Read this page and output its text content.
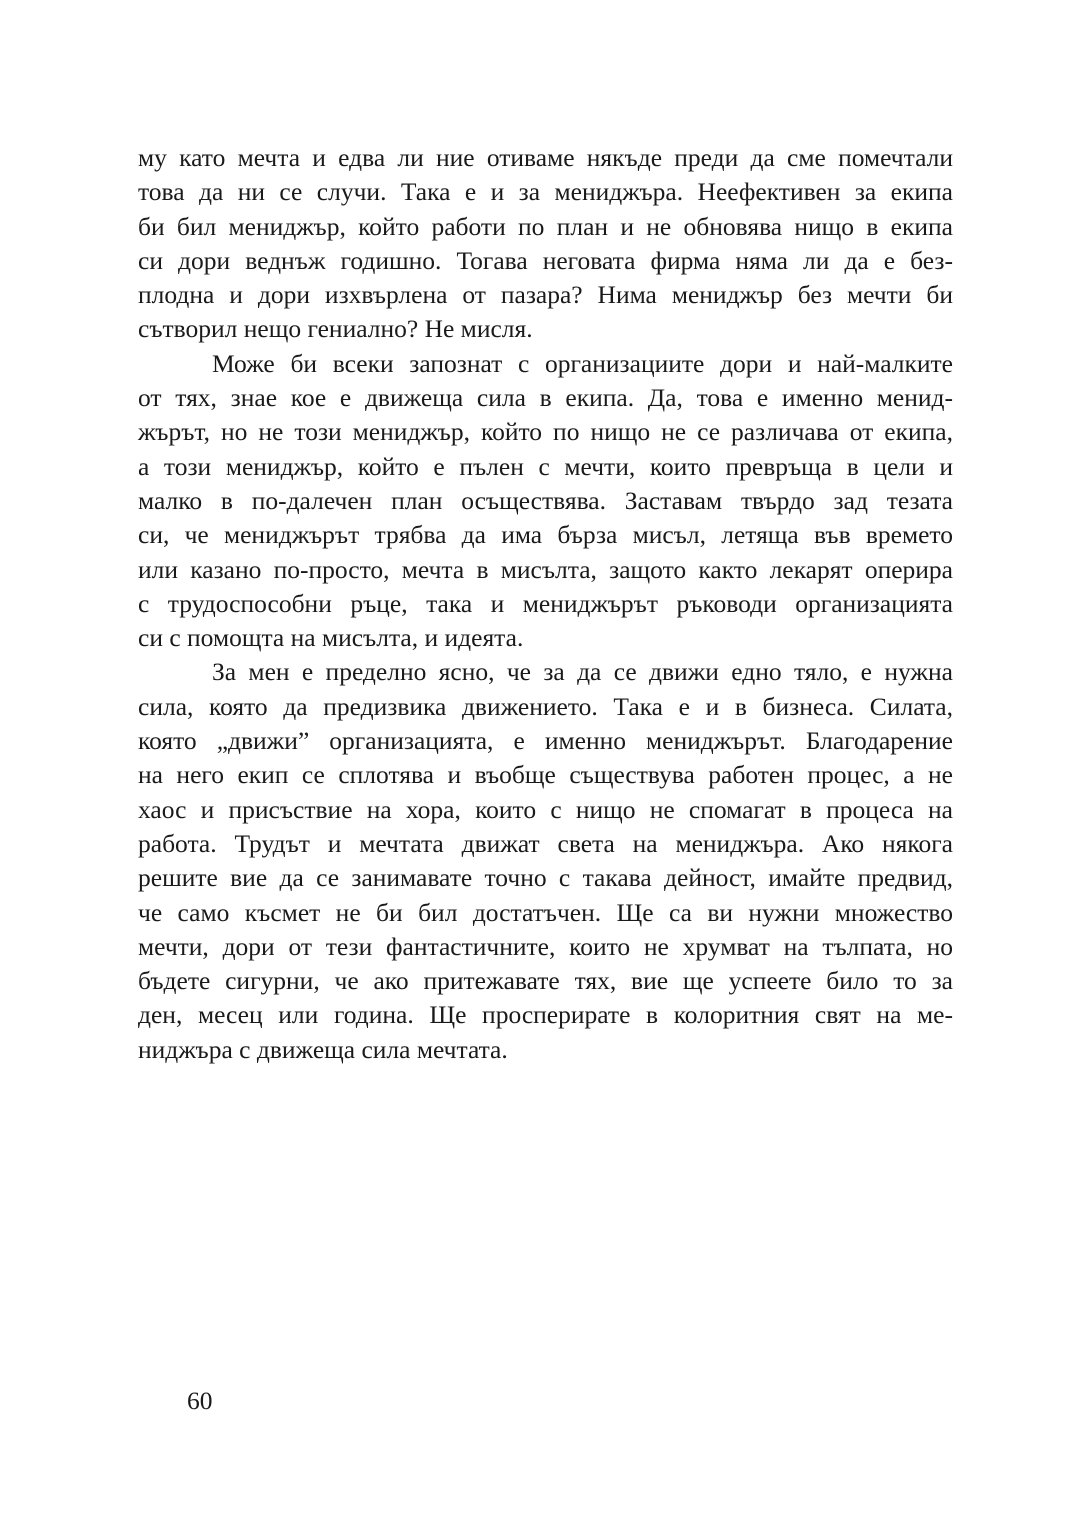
му като мечта и едва ли ние отиваме някъде преди да сме помечтали
това да ни се случи. Така е и за мениджъра. Неефективен за екипа
би бил мениджър, който работи по план и не обновява нищо в екипа
си дори веднъж годишно. Тогава неговата фирма няма ли да е без-
плодна и дори изхвърлена от пазара? Нима мениджър без мечти би
сътворил нещо гениално? Не мисля.
Може би всеки запознат с организациите дори и най-малките
от тях, знае кое е движеща сила в екипа. Да, това е именно менид-
жърът, но не този мениджър, който по нищо не се различава от екипа,
а този мениджър, който е пълен с мечти, които превръща в цели и
малко в по-далечен план осъществява. Заставам твърдо зад тезата
си, че мениджърът трябва да има бърза мисъл, летяща във времето
или казано по-просто, мечта в мисълта, защото както лекарят оперира
с трудоспособни ръце, така и мениджърът ръководи организацията
си с помощта на мисълта, и идеята.
За мен е пределно ясно, че за да се движи едно тяло, е нужна
сила, която да предизвика движението. Така е и в бизнеса. Силата,
която „движи” организацията, е именно мениджърът. Благодарение
на него екип се сплотява и въобще съществува работен процес, а не
хаос и присъствие на хора, които с нищо не спомагат в процеса на
работа. Трудът и мечтата движат света на мениджъра. Ако някога
решите вие да се занимавате точно с такава дейност, имайте предвид,
че само късмет не би бил достатъчен. Ще са ви нужни множество
мечти, дори от тези фантастичните, които не хрумват на тълпата, но
бъдете сигурни, че ако притежавате тях, вие ще успеете било то за
ден, месец или година. Ще просперирате в колоритния свят на ме-
ниджъра с движеща сила мечтата.
60
